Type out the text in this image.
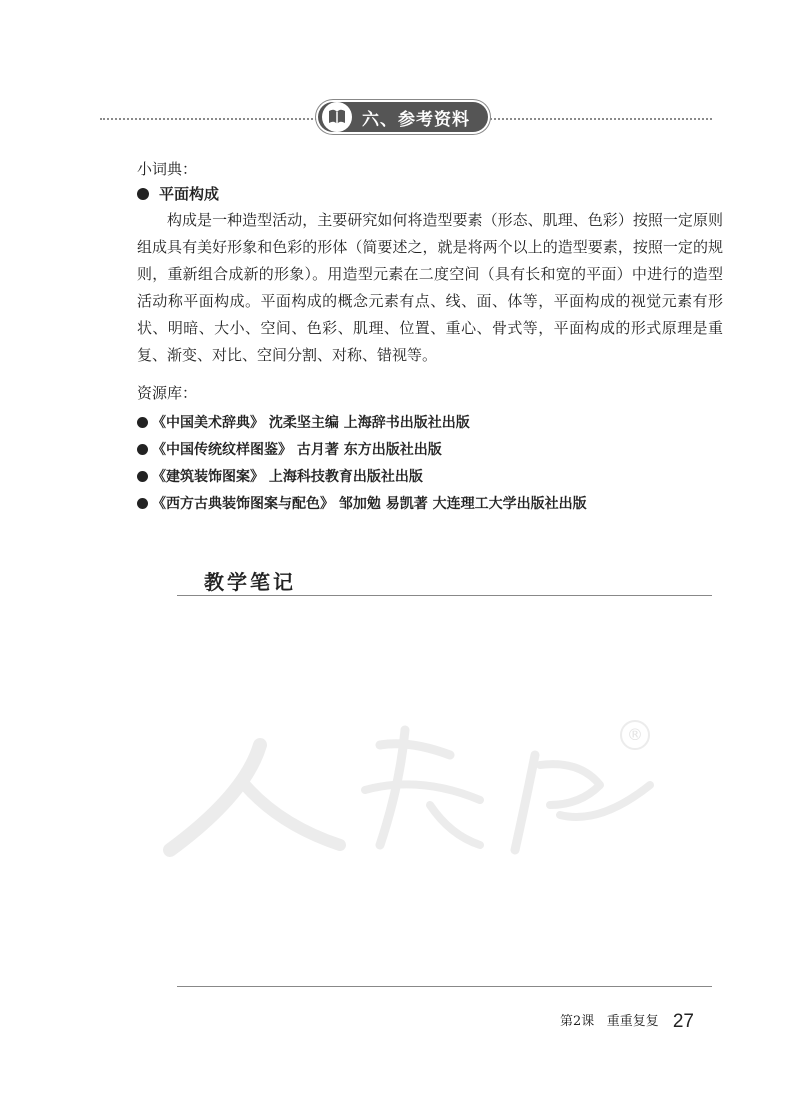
六、参考资料
小词典：
平面构成

构成是一种造型活动，主要研究如何将造型要素（形态、肌理、色彩）按照一定原则组成具有美好形象和色彩的形体（简要述之，就是将两个以上的造型要素，按照一定的规则，重新组合成新的形象）。用造型元素在二度空间（具有长和宽的平面）中进行的造型活动称平面构成。平面构成的概念元素有点、线、面、体等，平面构成的视觉元素有形状、明暗、大小、空间、色彩、肌理、位置、重心、骨式等，平面构成的形式原理是重复、渐变、对比、空间分割、对称、错视等。

资源库：
《中国美术辞典》 沈柔坚主编 上海辞书出版社出版
《中国传统纹样图鉴》 古月著 东方出版社出版
《建筑装饰图案》 上海科技教育出版社出版
《西方古典装饰图案与配色》 邹加勉 易凯著 大连理工大学出版社出版
教学笔记
®
第2课 重重复复 27
